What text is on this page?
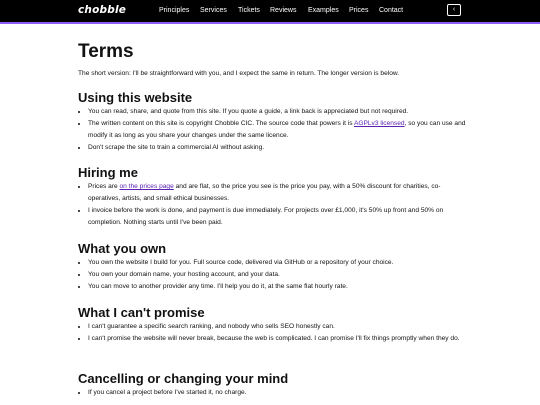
chobble	Principles Services Tickets Reviews Examples Prices Contact	‹
Terms

The short version: I'll be straightforward with you, and I expect the same in return. The longer version is below.

Using this website
• You can read, share, and quote from this site. If you quote a guide, a link back is appreciated but not required.
• The written content on this site is copyright Chobble CIC. The source code that powers it is AGPLv3 licensed, so you can use and modify it as long as you share your changes under the same licence.
• Don't scrape the site to train a commercial AI without asking.
Hiring me
• Prices are on the prices page and are flat, so the price you see is the price you pay, with a 50% discount for charities, co-operatives, artists, and small ethical businesses.
• I invoice before the work is done, and payment is due immediately. For projects over £1,000, it's 50% up front and 50% on completion. Nothing starts until I've been paid.
What you own
• You own the website I build for you. Full source code, delivered via GitHub or a repository of your choice.
• You own your domain name, your hosting account, and your data.
• You can move to another provider any time. I'll help you do it, at the same flat hourly rate.
What I can't promise
• I can't guarantee a specific search ranking, and nobody who sells SEO honestly can.
• I can't promise the website will never break, because the web is complicated. I can promise I'll fix things promptly when they do.
Cancelling or changing your mind
• If you cancel a project before I've started it, no charge.
